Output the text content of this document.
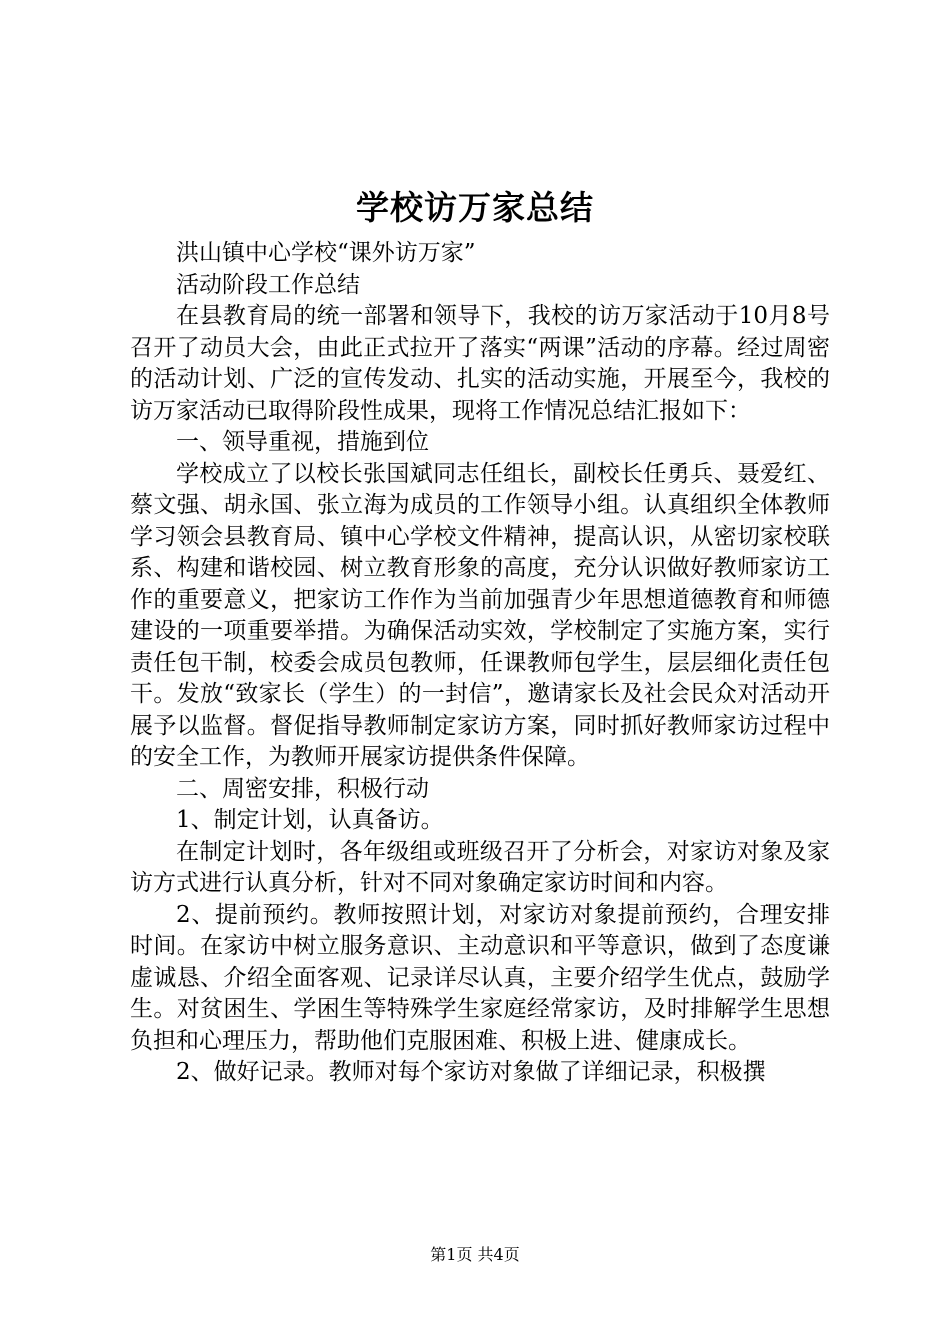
学校访万家总结

洪山镇中心学校“课外访万家”

活动阶段工作总结

在县教育局的统一部署和领导下，我校的访万家活动于10月8号召开了动员大会，由此正式拉开了落实“两课”活动的序幕。经过周密的活动计划、广泛的宣传发动、扎实的活动实施，开展至今，我校的访万家活动已取得阶段性成果，现将工作情况总结汇报如下：

一、领导重视，措施到位

学校成立了以校长张国斌同志任组长，副校长任勇兵、聂爱红、蔡文强、胡永国、张立海为成员的工作领导小组。认真组织全体教师学习领会县教育局、镇中心学校文件精神，提高认识，从密切家校联系、构建和谐校园、树立教育形象的高度，充分认识做好教师家访工作的重要意义，把家访工作作为当前加强青少年思想道德教育和师德建设的一项重要举措。为确保活动实效，学校制定了实施方案，实行责任包干制，校委会成员包教师，任课教师包学生，层层细化责任包干。发放“致家长（学生）的一封信”，邀请家长及社会民众对活动开展予以监督。督促指导教师制定家访方案，同时抓好教师家访过程中的安全工作，为教师开展家访提供条件保障。

二、周密安排，积极行动

1、制定计划，认真备访。

在制定计划时，各年级组或班级召开了分析会，对家访对象及家访方式进行认真分析，针对不同对象确定家访时间和内容。

2、提前预约。教师按照计划，对家访对象提前预约，合理安排时间。在家访中树立服务意识、主动意识和平等意识，做到了态度谦虚诚恳、介绍全面客观、记录详尽认真，主要介绍学生优点，鼓励学生。对贫困生、学困生等特殊学生家庭经常家访，及时排解学生思想负担和心理压力，帮助他们克服困难、积极上进、健康成长。

2、做好记录。教师对每个家访对象做了详细记录，积极撰

第1页 共4页
